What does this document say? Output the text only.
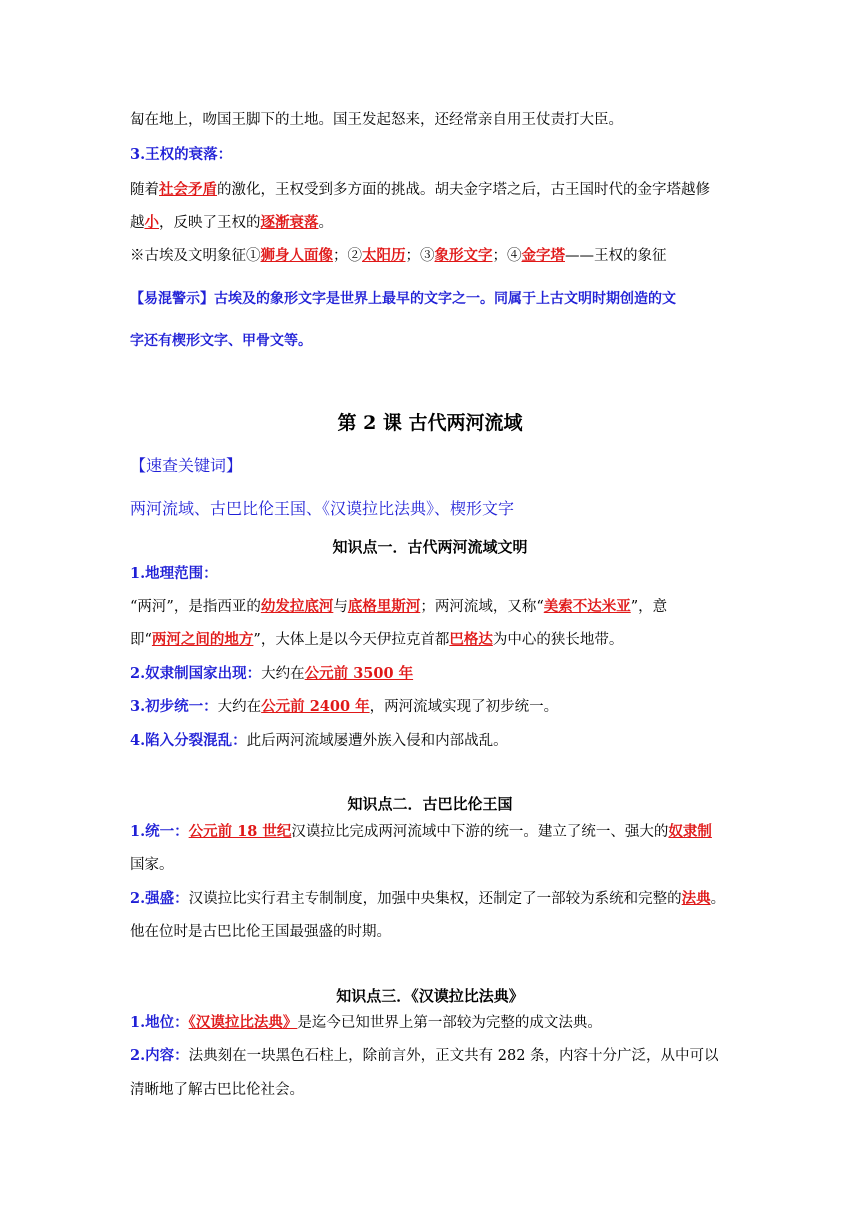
匐在地上，吻国王脚下的土地。国王发起怒来，还经常亲自用王仗责打大臣。
3.王权的衰落：
随着社会矛盾的激化，王权受到多方面的挑战。胡夫金字塔之后，古王国时代的金字塔越修
越小，反映了王权的逐渐衰落。
※古埃及文明象征①狮身人面像；②太阳历；③象形文字；④金字塔——王权的象征
【易混警示】古埃及的象形文字是世界上最早的文字之一。同属于上古文明时期创造的文
字还有楔形文字、甲骨文等。
第 2 课 古代两河流域
【速查关键词】
两河流域、古巴比伦王国、《汉谟拉比法典》、楔形文字
知识点一．古代两河流域文明
1.地理范围：
“两河”，是指西亚的幼发拉底河与底格里斯河；两河流域，又称“美索不达米亚”，意
即“两河之间的地方”，大体上是以今天伊拉克首都巴格达为中心的狭长地带。
2.奴隶制国家出现：大约在公元前 3500 年
3.初步统一：大约在公元前 2400 年，两河流域实现了初步统一。
4.陷入分裂混乱：此后两河流域屡遭外族入侵和内部战乱。
知识点二．古巴比伦王国
1.统一：公元前 18 世纪汉谟拉比完成两河流域中下游的统一。建立了统一、强大的奴隶制
国家。
2.强盛：汉谟拉比实行君主专制制度，加强中央集权，还制定了一部较为系统和完整的法典。
他在位时是古巴比伦王国最强盛的时期。
知识点三．《汉谟拉比法典》
1.地位：《汉谟拉比法典》是迄今已知世界上第一部较为完整的成文法典。
2.内容：法典刻在一块黑色石柱上，除前言外，正文共有 282 条，内容十分广泛，从中可以
清晰地了解古巴比伦社会。
